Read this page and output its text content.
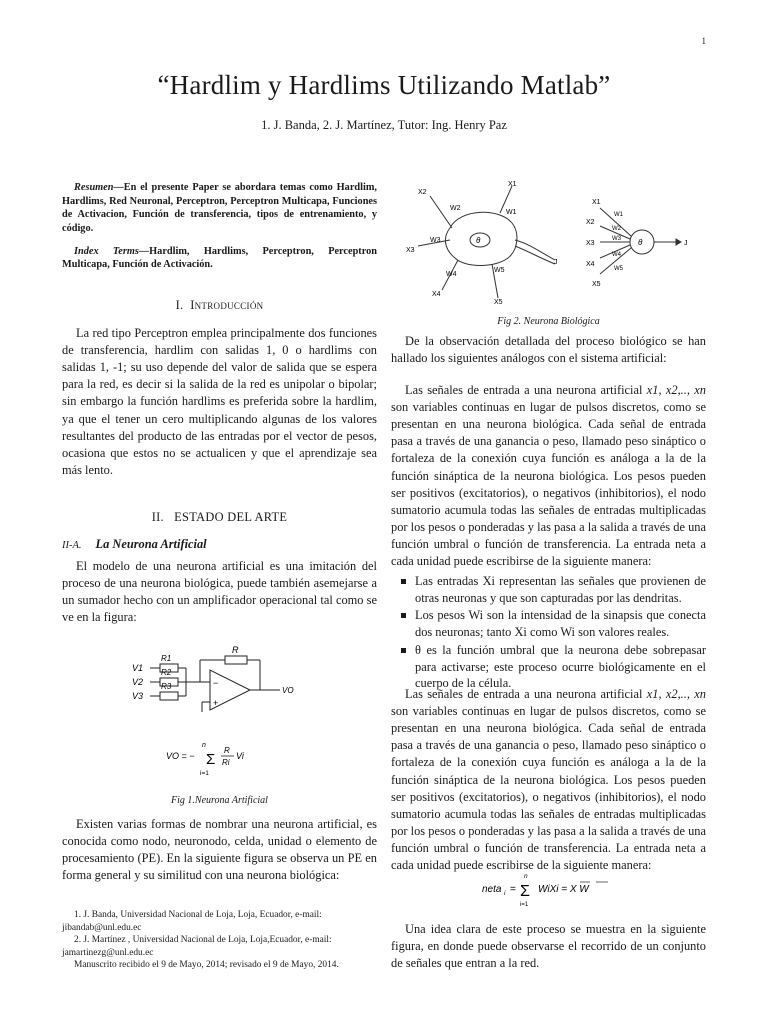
1
“Hardlim y Hardlims Utilizando Matlab”
1. J. Banda, 2. J. Martínez, Tutor: Ing. Henry Paz

Resumen—En el presente Paper se abordara temas como Hardlim, Hardlims, Red Neuronal, Perceptron, Perceptron Multicapa, Funciones de Activacion, Función de transferencia, tipos de entrenamiento, y código.

Index Terms—Hardlim, Hardlims, Perceptron, Perceptron Multicapa, Función de Activación.

I. Introducción

La red tipo Perceptron emplea principalmente dos funciones de transferencia, hardlim con salidas 1, 0 o hardlims con salidas 1, -1; su uso depende del valor de salida que se espera para la red, es decir si la salida de la red es unipolar o bipolar; sin embargo la función hardlims es preferida sobre la hardlim, ya que el tener un cero multiplicando algunas de los valores resultantes del producto de las entradas por el vector de pesos, ocasiona que estos no se actualicen y que el aprendizaje sea más lento.

II. ESTADO DEL ARTE
II-A. La Neurona Artificial

El modelo de una neurona artificial es una imitación del proceso de una neurona biológica, puede también asemejarse a un sumador hecho con un amplificador operacional tal como se ve en la figura:

V1
V2
V3
R1
R2
R3
R
−
+
VO
VO = −
n
Σ
i=1
R
Ri
Vi
Fig 1.Neurona Artificial

Existen varias formas de nombrar una neurona artificial, es conocida como nodo, neuronodo, celda, unidad o elemento de procesamiento (PE). En la siguiente figura se observa un PE en forma general y su similitud con una neurona biológica:

1. J. Banda, Universidad Nacional de Loja, Loja, Ecuador, e-mail: jibandab@unl.edu.ec

2. J. Martínez , Universidad Nacional de Loja, Loja,Ecuador, e-mail: jamartinezg@unl.edu.ec

Manuscrito recibido el 9 de Mayo, 2014; revisado el 9 de Mayo, 2014.

θ
X2
X1
X3
X4
X5
W2
W1
W3
W4
W5
J
θ
X1
X2
X3
X4
X5
W1
W2
W3
W4
W5
J
Fig 2. Neurona Biológica

De la observación detallada del proceso biológico se han hallado los siguientes análogos con el sistema artificial:

Las señales de entrada a una neurona artificial x1, x2,.., xn son variables continuas en lugar de pulsos discretos, como se presentan en una neurona biológica. Cada señal de entrada pasa a través de una ganancia o peso, llamado peso sináptico o fortaleza de la conexión cuya función es análoga a la de la función sináptica de la neurona biológica. Los pesos pueden ser positivos (excitatorios), o negativos (inhibitorios), el nodo sumatorio acumula todas las señales de entradas multiplicadas por los pesos o ponderadas y las pasa a la salida a través de una función umbral o función de transferencia. La entrada neta a cada unidad puede escribirse de la siguiente manera:

Las entradas Xi representan las señales que provienen de otras neuronas y que son capturadas por las dendritas.
Los pesos Wi son la intensidad de la sinapsis que conecta dos neuronas; tanto Xi como Wi son valores reales.
θ es la función umbral que la neurona debe sobrepasar para activarse; este proceso ocurre biológicamente en el cuerpo de la célula.

Las señales de entrada a una neurona artificial x1, x2,.., xn son variables continuas en lugar de pulsos discretos, como se presentan en una neurona biológica. Cada señal de entrada pasa a través de una ganancia o peso, llamado peso sináptico o fortaleza de la conexión cuya función es análoga a la de la función sináptica de la neurona biológica. Los pesos pueden ser positivos (excitatorios), o negativos (inhibitorios), el nodo sumatorio acumula todas las señales de entradas multiplicadas por los pesos o ponderadas y las pasa a la salida a través de una función umbral o función de transferencia. La entrada neta a cada unidad puede escribirse de la siguiente manera:

neta i =
n
Σ
i=1
WiXi = X W

Una idea clara de este proceso se muestra en la siguiente figura, en donde puede observarse el recorrido de un conjunto de señales que entran a la red.
